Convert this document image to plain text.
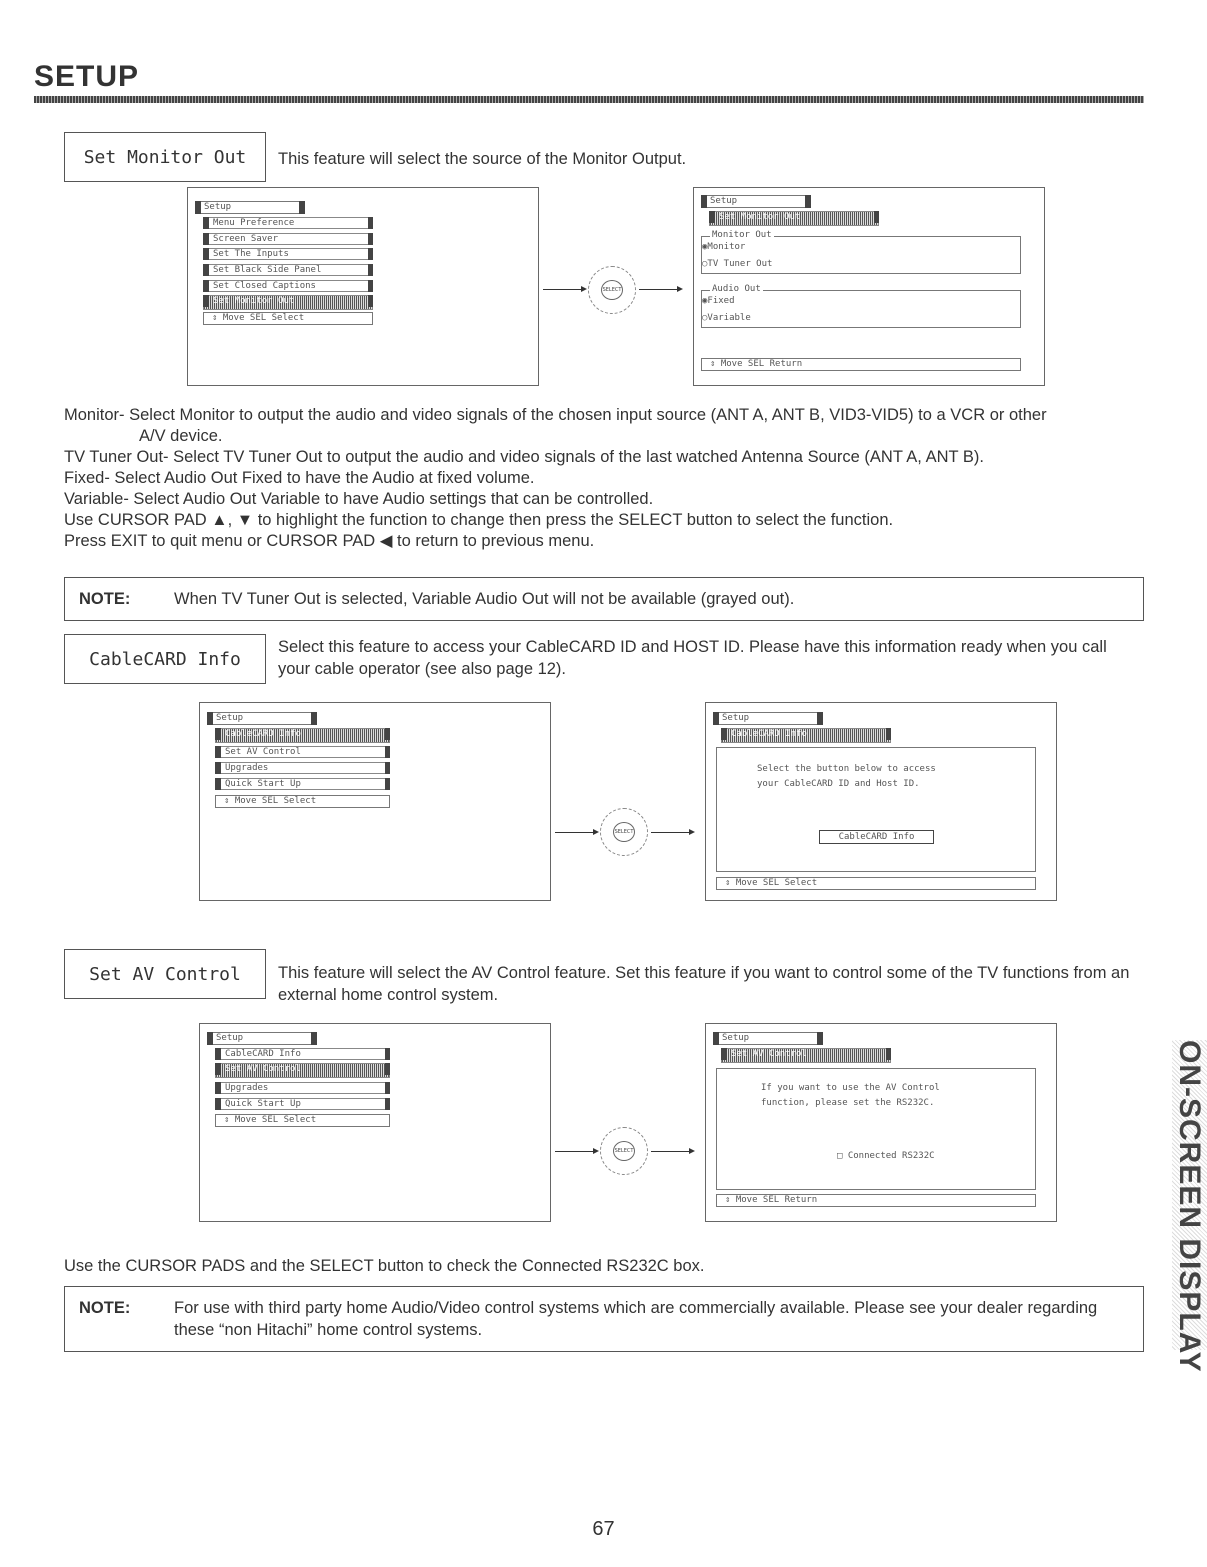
SETUP
Set Monitor Out	This feature will select the source of the Monitor Output.
Setup
Menu Preference
Screen Saver
Set The Inputs
Set Black Side Panel
Set Closed Captions
Set Monitor Out
⇕ Move SEL Select
SELECT
Setup
Set Monitor Out
Monitor Out
◉Monitor
○TV Tuner Out
Audio Out
◉Fixed
○Variable
⇕ Move SEL Return
Monitor- Select Monitor to output the audio and video signals of the chosen input source (ANT A, ANT B, VID3-VID5) to a VCR or other
A/V device.
TV Tuner Out- Select TV Tuner Out to output the audio and video signals of the last watched Antenna Source (ANT A, ANT B).
Fixed- Select Audio Out Fixed to have the Audio at fixed volume.
Variable- Select Audio Out Variable to have Audio settings that can be controlled.
Use CURSOR PAD ▲, ▼ to highlight the function to change then press the SELECT button to select the function.
Press EXIT to quit menu or CURSOR PAD ◀ to return to previous menu.
NOTE:	When TV Tuner Out is selected, Variable Audio Out will not be available (grayed out).
CableCARD Info
Select this feature to access your CableCARD ID and HOST ID. Please have this information ready when you call your cable operator (see also page 12).
Setup
CableCARD Info
Set AV Control
Upgrades
Quick Start Up
⇕ Move SEL Select
SELECT
Setup
CableCARD Info
Select the button below to access
your CableCARD ID and Host ID.
CableCARD Info
⇕ Move SEL Select
Set AV Control	This feature will select the AV Control feature. Set this feature if you want to control some of the TV functions from an external home control system.
Setup
CableCARD Info
Set AV Control
Upgrades
Quick Start Up
⇕ Move SEL Select
SELECT
Setup
Set AV Control
If you want to use the AV Control
function, please set the RS232C.
□ Connected RS232C
⇕ Move SEL Return
Use the CURSOR PADS and the SELECT button to check the Connected RS232C box.
NOTE:	For use with third party home Audio/Video control systems which are commercially available. Please see your dealer regarding these “non Hitachi” home control systems.	ON-SCREEN DISPLAY
67
